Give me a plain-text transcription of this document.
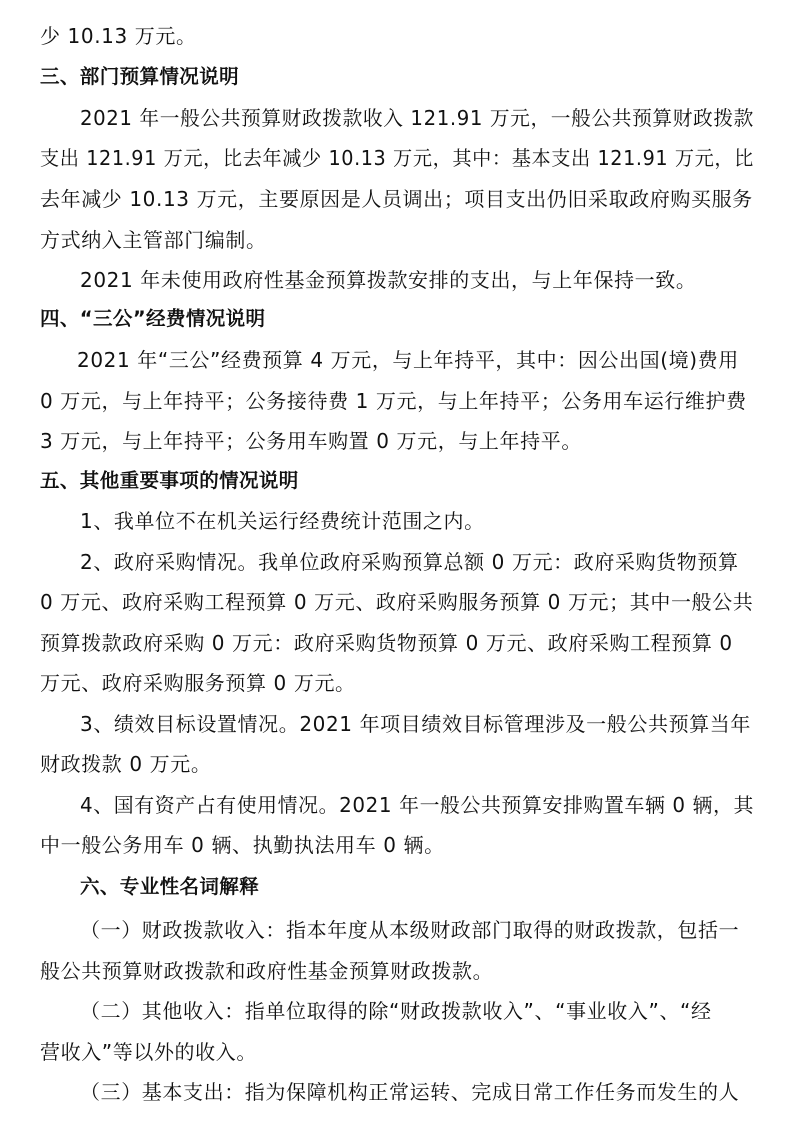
少 10.13 万元。
三、部门预算情况说明
2021 年一般公共预算财政拨款收入 121.91 万元，一般公共预算财政拨款
支出 121.91 万元，比去年减少 10.13 万元，其中：基本支出 121.91 万元，比
去年减少 10.13 万元，主要原因是人员调出；项目支出仍旧采取政府购买服务
方式纳入主管部门编制。
2021 年未使用政府性基金预算拨款安排的支出，与上年保持一致。
四、“三公”经费情况说明
2021 年“三公”经费预算 4 万元，与上年持平，其中：因公出国(境)费用
0 万元，与上年持平；公务接待费 1 万元，与上年持平；公务用车运行维护费
3 万元，与上年持平；公务用车购置 0 万元，与上年持平。
五、其他重要事项的情况说明
1、我单位不在机关运行经费统计范围之内。
2、政府采购情况。我单位政府采购预算总额 0 万元：政府采购货物预算
0 万元、政府采购工程预算 0 万元、政府采购服务预算 0 万元；其中一般公共
预算拨款政府采购 0 万元：政府采购货物预算 0 万元、政府采购工程预算 0
万元、政府采购服务预算 0 万元。
3、绩效目标设置情况。2021 年项目绩效目标管理涉及一般公共预算当年
财政拨款 0 万元。
4、国有资产占有使用情况。2021 年一般公共预算安排购置车辆 0 辆，其
中一般公务用车 0 辆、执勤执法用车 0 辆。
六、专业性名词解释
（一）财政拨款收入：指本年度从本级财政部门取得的财政拨款，包括一
般公共预算财政拨款和政府性基金预算财政拨款。
（二）其他收入：指单位取得的除“财政拨款收入”、“事业收入”、“经
营收入”等以外的收入。
（三）基本支出：指为保障机构正常运转、完成日常工作任务而发生的人
